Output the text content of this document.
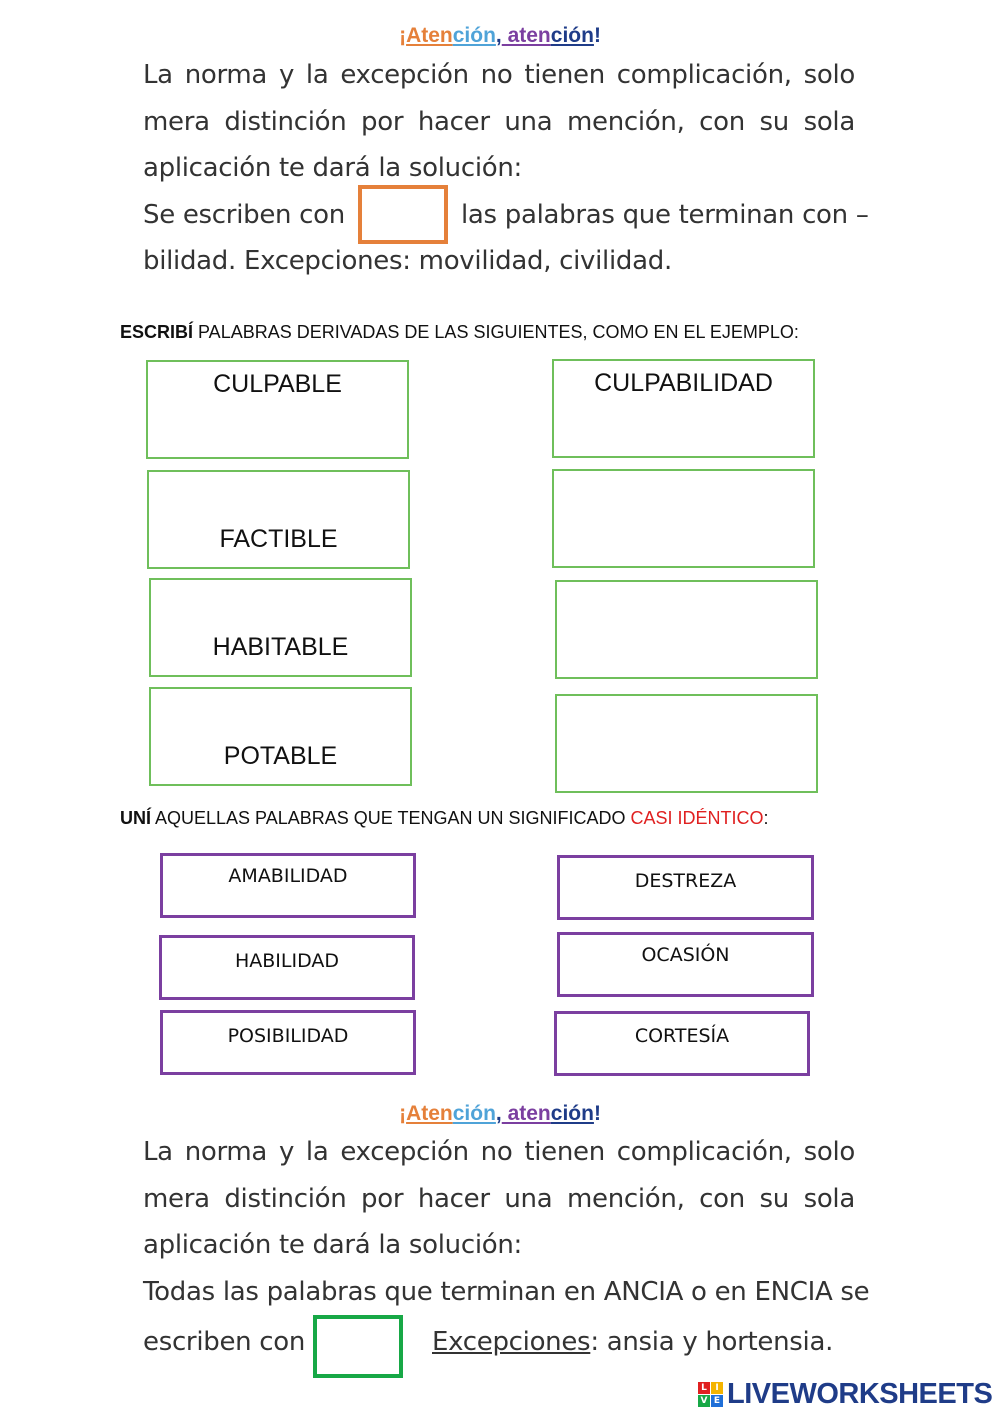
¡Atención, atención!
La norma y la excepción no tienen complicación, solo
mera distinción por hacer una mención, con su sola
aplicación te dará la solución:
Se escriben con	las palabras que terminan con –
bilidad. Excepciones: movilidad, civilidad.
ESCRIBÍ PALABRAS DERIVADAS DE LAS SIGUIENTES, COMO EN EL EJEMPLO:
CULPABLE	CULPABILIDAD
FACTIBLE
HABITABLE
POTABLE
UNÍ AQUELLAS PALABRAS QUE TENGAN UN SIGNIFICADO CASI IDÉNTICO:
AMABILIDAD	DESTREZA
HABILIDAD	OCASIÓN
POSIBILIDAD	CORTESÍA
¡Atención, atención!
La norma y la excepción no tienen complicación, solo
mera distinción por hacer una mención, con su sola
aplicación te dará la solución:
Todas las palabras que terminan en ANCIA o en ENCIA se
escriben con	Excepciones: ansia y hortensia.
L I
V E LIVEWORKSHEETS
